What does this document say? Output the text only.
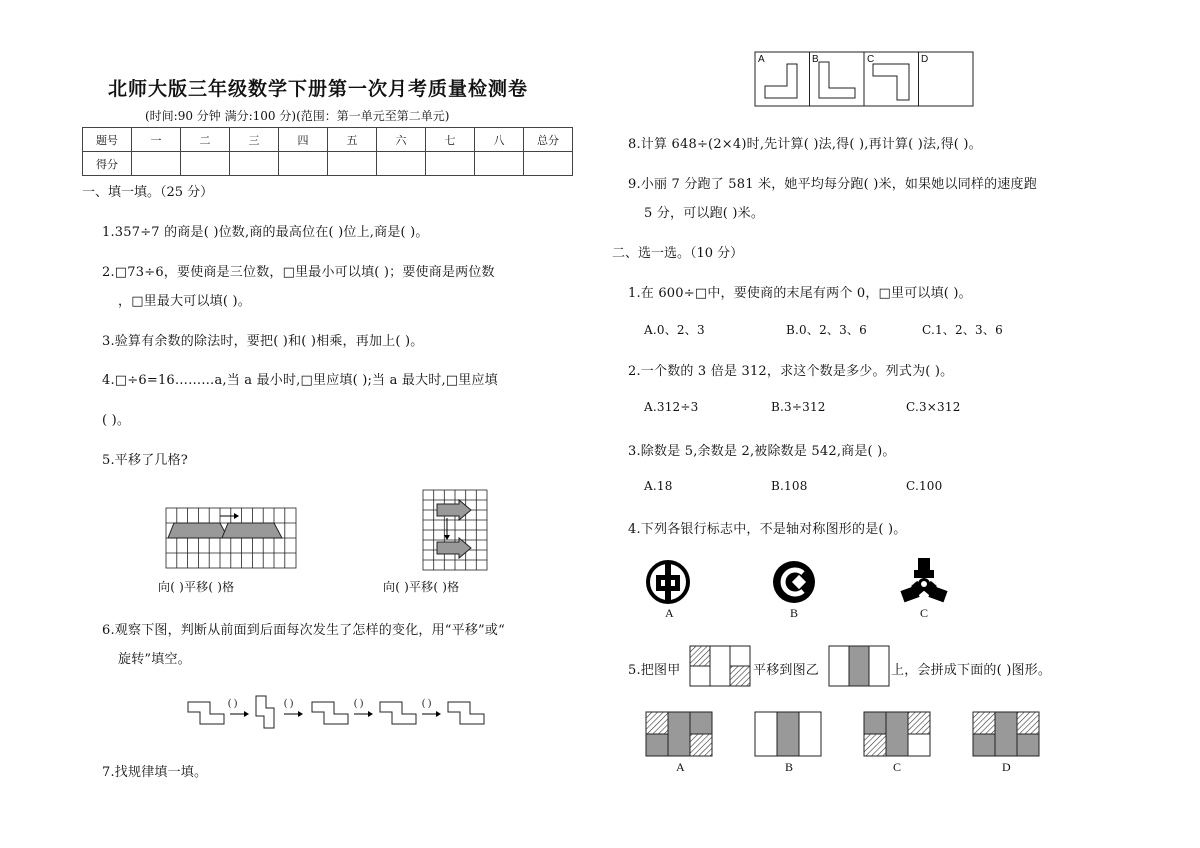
北师大版三年级数学下册第一次月考质量检测卷
(时间:90 分钟 满分:100 分)(范围：第一单元至第二单元)
题号	一	二	三	四	五	六	七	八	总分
得分									
一、填一填。（25 分）
1.357÷7 的商是( )位数,商的最高位在( )位上,商是( )。
2.□73÷6，要使商是三位数，□里最小可以填( )；要使商是两位数
，□里最大可以填( )。
3.验算有余数的除法时，要把( )和( )相乘，再加上( )。
4.□÷6=16………a,当 a 最小时,□里应填( );当 a 最大时,□里应填
( )。
5.平移了几格?
向( )平移( )格	向( )平移( )格
6.观察下图，判断从前面到后面每次发生了怎样的变化，用“平移”或“
旋转”填空。
( )	( )	( )	( )
7.找规律填一填。
A	B	C	D
8.计算 648÷(2×4)时,先计算( )法,得( ),再计算( )法,得( )。
9.小丽 7 分跑了 581 米，她平均每分跑( )米，如果她以同样的速度跑
5 分，可以跑( )米。
二、选一选。（10 分）
1.在 600÷□中，要使商的末尾有两个 0，□里可以填( )。
A.0、2、3	B.0、2、3、6	C.1、2、3、6
2.一个数的 3 倍是 312，求这个数是多少。列式为( )。
A.312÷3	B.3÷312	C.3×312
3.除数是 5,余数是 2,被除数是 542,商是( )。
A.18	B.108	C.100
4.下列各银行标志中，不是轴对称图形的是( )。
A	B	C
5.把图甲	平移到图乙	上，会拼成下面的( )图形。
A	B	C	D
